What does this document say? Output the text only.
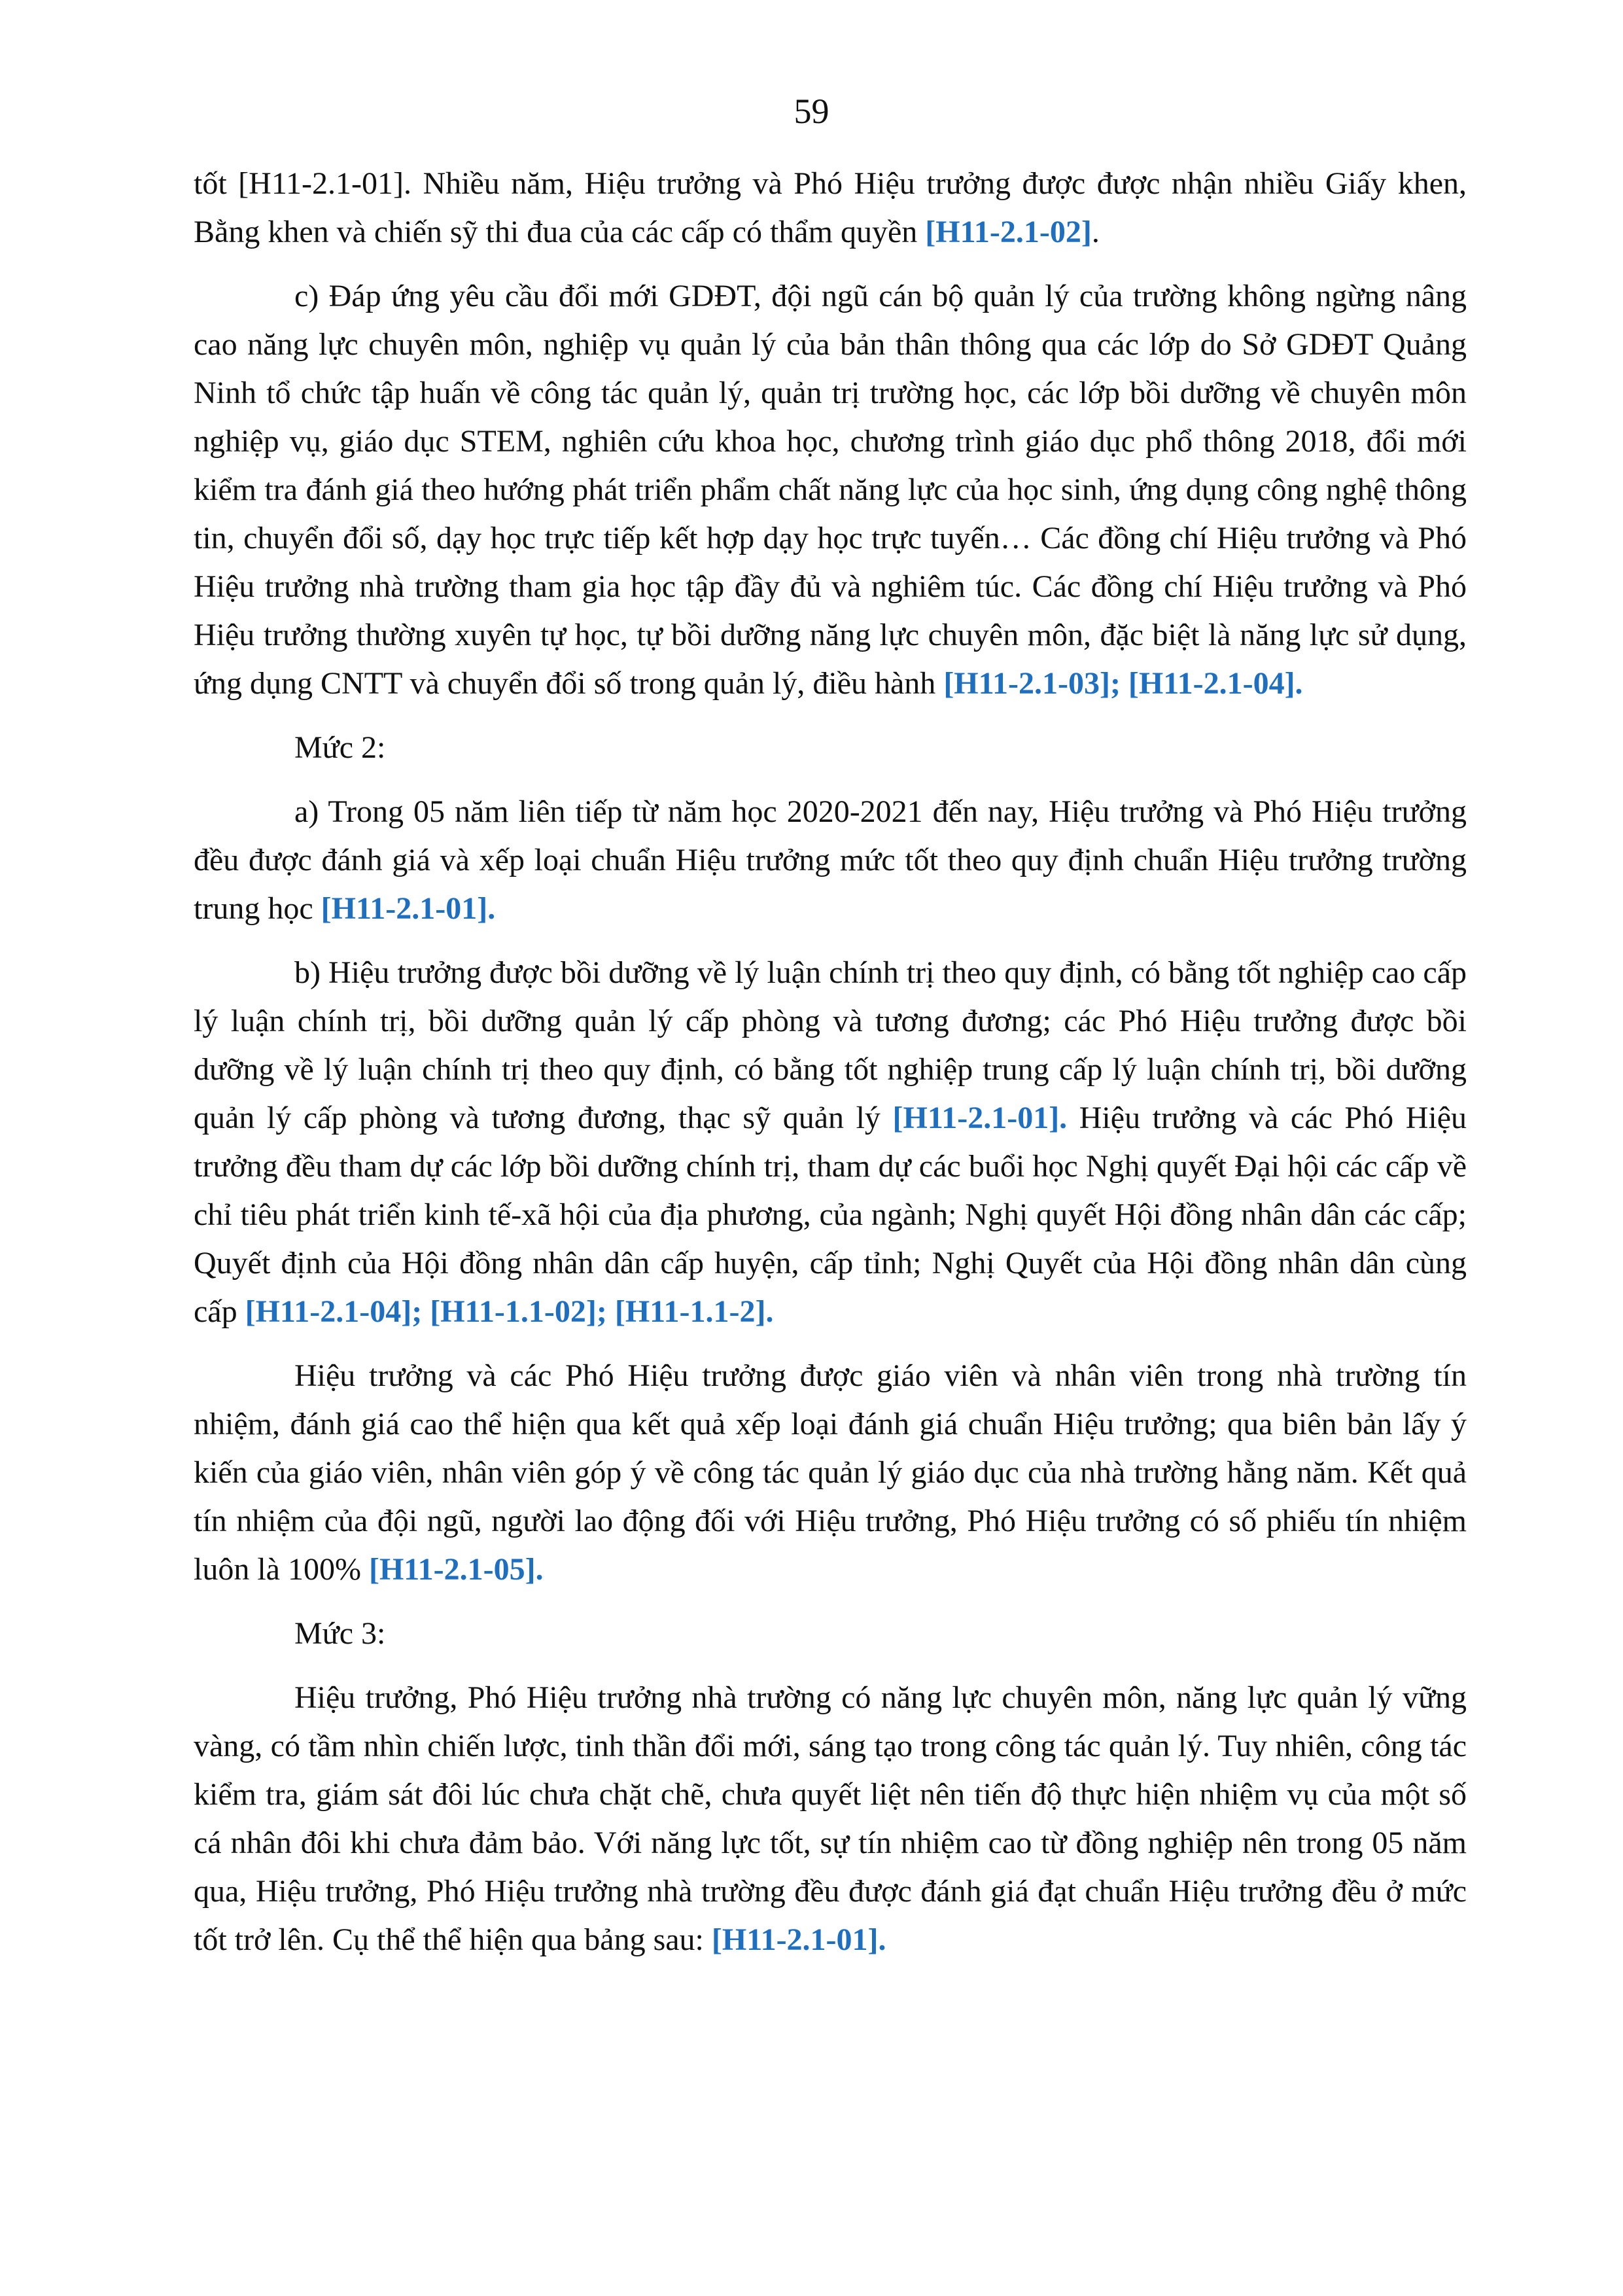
59

tốt [H11-2.1-01]. Nhiều năm, Hiệu trưởng và Phó Hiệu trưởng được được nhận nhiều Giấy khen, Bằng khen và chiến sỹ thi đua của các cấp có thẩm quyền [H11-2.1-02].

c) Đáp ứng yêu cầu đổi mới GDĐT, đội ngũ cán bộ quản lý của trường không ngừng nâng cao năng lực chuyên môn, nghiệp vụ quản lý của bản thân thông qua các lớp do Sở GDĐT Quảng Ninh tổ chức tập huấn về công tác quản lý, quản trị trường học, các lớp bồi dưỡng về chuyên môn nghiệp vụ, giáo dục STEM, nghiên cứu khoa học, chương trình giáo dục phổ thông 2018, đổi mới kiểm tra đánh giá theo hướng phát triển phẩm chất năng lực của học sinh, ứng dụng công nghệ thông tin, chuyển đổi số, dạy học trực tiếp kết hợp dạy học trực tuyến… Các đồng chí Hiệu trưởng và Phó Hiệu trưởng nhà trường tham gia học tập đầy đủ và nghiêm túc. Các đồng chí Hiệu trưởng và Phó Hiệu trưởng thường xuyên tự học, tự bồi dưỡng năng lực chuyên môn, đặc biệt là năng lực sử dụng, ứng dụng CNTT và chuyển đổi số trong quản lý, điều hành [H11-2.1-03]; [H11-2.1-04].

Mức 2:

a) Trong 05 năm liên tiếp từ năm học 2020-2021 đến nay, Hiệu trưởng và Phó Hiệu trưởng đều được đánh giá và xếp loại chuẩn Hiệu trưởng mức tốt theo quy định chuẩn Hiệu trưởng trường trung học [H11-2.1-01].

b) Hiệu trưởng được bồi dưỡng về lý luận chính trị theo quy định, có bằng tốt nghiệp cao cấp lý luận chính trị, bồi dưỡng quản lý cấp phòng và tương đương; các Phó Hiệu trưởng được bồi dưỡng về lý luận chính trị theo quy định, có bằng tốt nghiệp trung cấp lý luận chính trị, bồi dưỡng quản lý cấp phòng và tương đương, thạc sỹ quản lý [H11-2.1-01]. Hiệu trưởng và các Phó Hiệu trưởng đều tham dự các lớp bồi dưỡng chính trị, tham dự các buổi học Nghị quyết Đại hội các cấp về chỉ tiêu phát triển kinh tế-xã hội của địa phương, của ngành; Nghị quyết Hội đồng nhân dân các cấp; Quyết định của Hội đồng nhân dân cấp huyện, cấp tỉnh; Nghị Quyết của Hội đồng nhân dân cùng cấp [H11-2.1-04]; [H11-1.1-02]; [H11-1.1-2].

Hiệu trưởng và các Phó Hiệu trưởng được giáo viên và nhân viên trong nhà trường tín nhiệm, đánh giá cao thể hiện qua kết quả xếp loại đánh giá chuẩn Hiệu trưởng; qua biên bản lấy ý kiến của giáo viên, nhân viên góp ý về công tác quản lý giáo dục của nhà trường hằng năm. Kết quả tín nhiệm của đội ngũ, người lao động đối với Hiệu trưởng, Phó Hiệu trưởng có số phiếu tín nhiệm luôn là 100% [H11-2.1-05].

Mức 3:

Hiệu trưởng, Phó Hiệu trưởng nhà trường có năng lực chuyên môn, năng lực quản lý vững vàng, có tầm nhìn chiến lược, tinh thần đổi mới, sáng tạo trong công tác quản lý. Tuy nhiên, công tác kiểm tra, giám sát đôi lúc chưa chặt chẽ, chưa quyết liệt nên tiến độ thực hiện nhiệm vụ của một số cá nhân đôi khi chưa đảm bảo. Với năng lực tốt, sự tín nhiệm cao từ đồng nghiệp nên trong 05 năm qua, Hiệu trưởng, Phó Hiệu trưởng nhà trường đều được đánh giá đạt chuẩn Hiệu trưởng đều ở mức tốt trở lên. Cụ thể thể hiện qua bảng sau: [H11-2.1-01].
